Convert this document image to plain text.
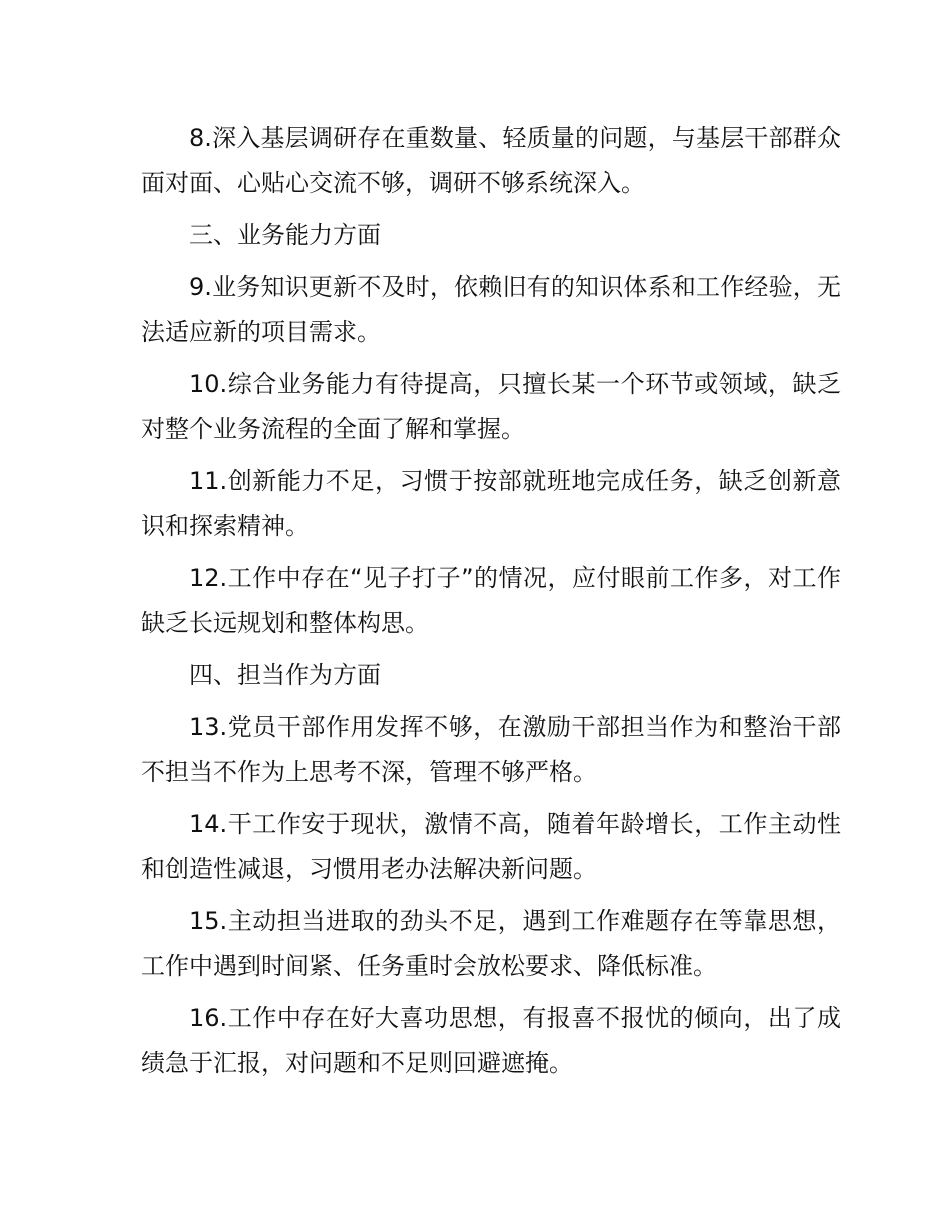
8.深入基层调研存在重数量、轻质量的问题，与基层干部群众面对面、心贴心交流不够，调研不够系统深入。

三、业务能力方面

9.业务知识更新不及时，依赖旧有的知识体系和工作经验，无法适应新的项目需求。

10.综合业务能力有待提高，只擅长某一个环节或领域，缺乏对整个业务流程的全面了解和掌握。

11.创新能力不足，习惯于按部就班地完成任务，缺乏创新意识和探索精神。

12.工作中存在“见子打子”的情况，应付眼前工作多，对工作缺乏长远规划和整体构思。

四、担当作为方面

13.党员干部作用发挥不够，在激励干部担当作为和整治干部不担当不作为上思考不深，管理不够严格。

14.干工作安于现状，激情不高，随着年龄增长，工作主动性和创造性减退，习惯用老办法解决新问题。

15.主动担当进取的劲头不足，遇到工作难题存在等靠思想，工作中遇到时间紧、任务重时会放松要求、降低标准。

16.工作中存在好大喜功思想，有报喜不报忧的倾向，出了成绩急于汇报，对问题和不足则回避遮掩。
